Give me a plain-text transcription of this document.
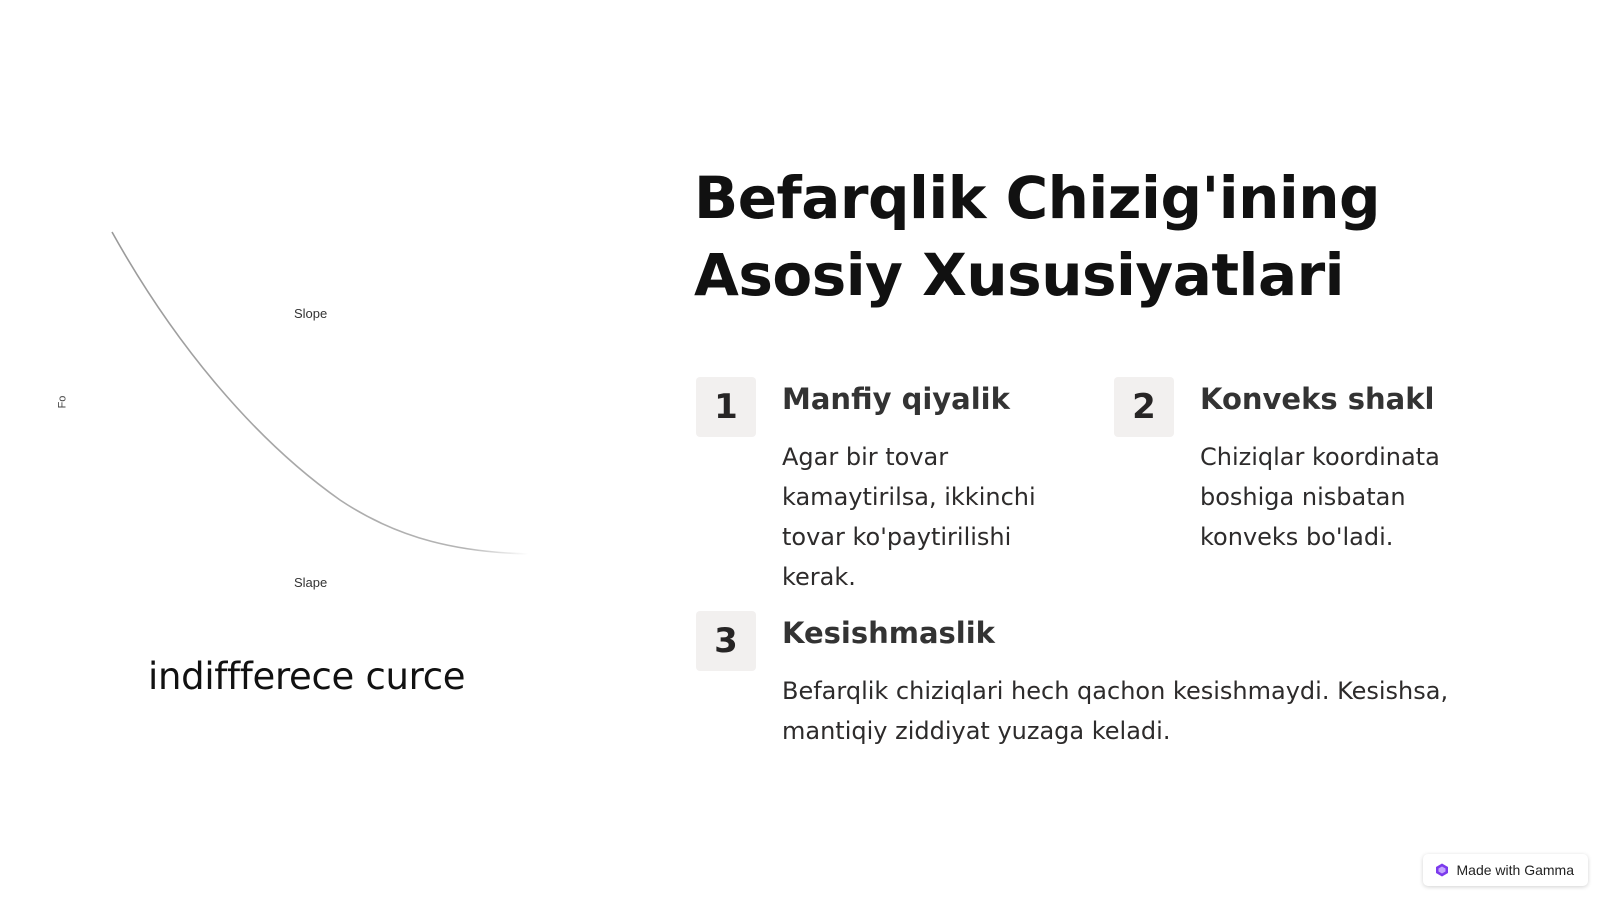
Fo
Slope
Slape
indiffferece curce
Befarqlik Chizig'ining Asosiy Xususiyatlari
1	Manfiy qiyalik

Agar bir tovar kamaytirilsa, ikkinchi tovar ko'paytirilishi kerak.

2	Konveks shakl

Chiziqlar koordinata boshiga nisbatan konveks bo'ladi.

3	Kesishmaslik

Befarqlik chiziqlari hech qachon kesishmaydi. Kesishsa, mantiqiy ziddiyat yuzaga keladi.

Made with Gamma
